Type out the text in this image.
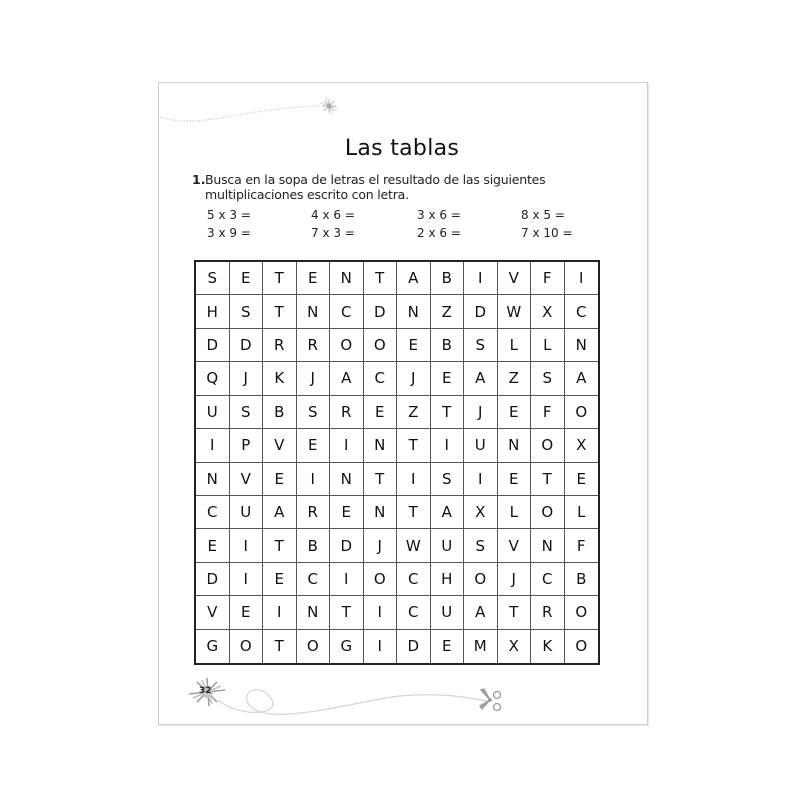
Las tablas
1. Busca en la sopa de letras el resultado de las siguientes multiplicaciones escrito con letra.
5 x 3 =	4 x 6 =	3 x 6 =	8 x 5 =
3 x 9 =	7 x 3 =	2 x 6 =	7 x 10 =
S	E	T	E	N	T	A	B	I	V	F	I
H	S	T	N	C	D	N	Z	D	W	X	C
D	D	R	R	O	O	E	B	S	L	L	N
Q	J	K	J	A	C	J	E	A	Z	S	A
U	S	B	S	R	E	Z	T	J	E	F	O
I	P	V	E	I	N	T	I	U	N	O	X
N	V	E	I	N	T	I	S	I	E	T	E
C	U	A	R	E	N	T	A	X	L	O	L
E	I	T	B	D	J	W	U	S	V	N	F
D	I	E	C	I	O	C	H	O	J	C	B
V	E	I	N	T	I	C	U	A	T	R	O
G	O	T	O	G	I	D	E	M	X	K	O
32
